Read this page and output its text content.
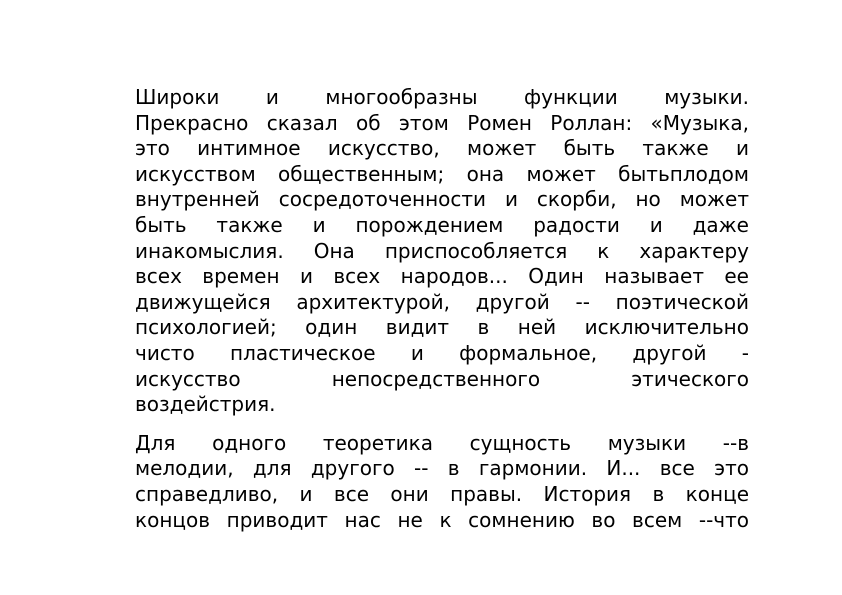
Широки и многообразны функции музыки.
Прекрасно сказал об этом Ромен Роллан: «Музыка,
это интимное искусство, может быть также и
искусством общественным; она может бытьплодом
внутренней сосредоточенности и скорби, но может
быть также и порождением радости и даже
инакомыслия. Она приспособляется к характеру
всех времен и всех народов... Один называет ее
движущейся архитектурой, другой -- поэтической
психологией; один видит в ней исключительно
чисто пластическое и формальное, другой -
искусство непосредственного этического
воздейстрия.
Для одного теоретика сущность музыки --в
мелодии, для другого -- в гармонии. И... все это
справедливо, и все они правы. История в конце
концов приводит нас не к сомнению во всем --что
